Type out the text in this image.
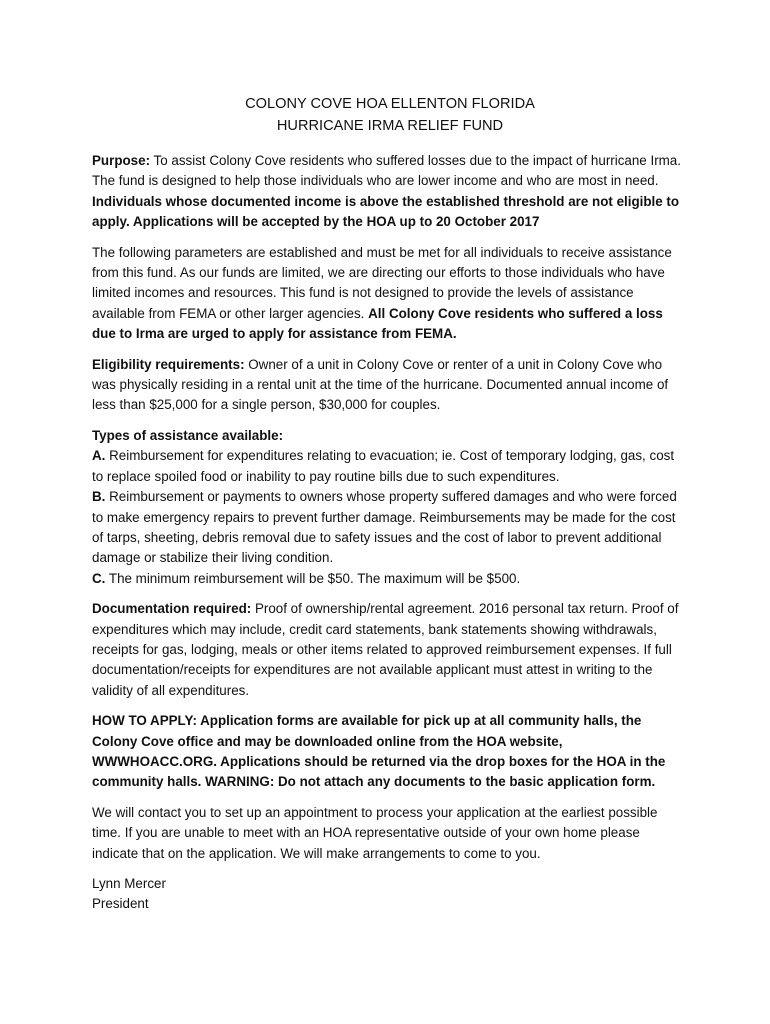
COLONY COVE HOA ELLENTON FLORIDA
HURRICANE IRMA RELIEF FUND

Purpose: To assist Colony Cove residents who suffered losses due to the impact of hurricane Irma. The fund is designed to help those individuals who are lower income and who are most in need. Individuals whose documented income is above the established threshold are not eligible to apply. Applications will be accepted by the HOA up to 20 October 2017

The following parameters are established and must be met for all individuals to receive assistance from this fund. As our funds are limited, we are directing our efforts to those individuals who have limited incomes and resources. This fund is not designed to provide the levels of assistance available from FEMA or other larger agencies. All Colony Cove residents who suffered a loss due to Irma are urged to apply for assistance from FEMA.

Eligibility requirements: Owner of a unit in Colony Cove or renter of a unit in Colony Cove who was physically residing in a rental unit at the time of the hurricane. Documented annual income of less than $25,000 for a single person, $30,000 for couples.

Types of assistance available:

A. Reimbursement for expenditures relating to evacuation; ie. Cost of temporary lodging, gas, cost to replace spoiled food or inability to pay routine bills due to such expenditures.

B. Reimbursement or payments to owners whose property suffered damages and who were forced to make emergency repairs to prevent further damage. Reimbursements may be made for the cost of tarps, sheeting, debris removal due to safety issues and the cost of labor to prevent additional damage or stabilize their living condition.

C. The minimum reimbursement will be $50. The maximum will be $500.

Documentation required: Proof of ownership/rental agreement. 2016 personal tax return. Proof of expenditures which may include, credit card statements, bank statements showing withdrawals, receipts for gas, lodging, meals or other items related to approved reimbursement expenses. If full documentation/receipts for expenditures are not available applicant must attest in writing to the validity of all expenditures.

HOW TO APPLY: Application forms are available for pick up at all community halls, the Colony Cove office and may be downloaded online from the HOA website, WWWHOACC.ORG. Applications should be returned via the drop boxes for the HOA in the community halls. WARNING: Do not attach any documents to the basic application form.

We will contact you to set up an appointment to process your application at the earliest possible time. If you are unable to meet with an HOA representative outside of your own home please indicate that on the application. We will make arrangements to come to you.

Lynn Mercer
President
